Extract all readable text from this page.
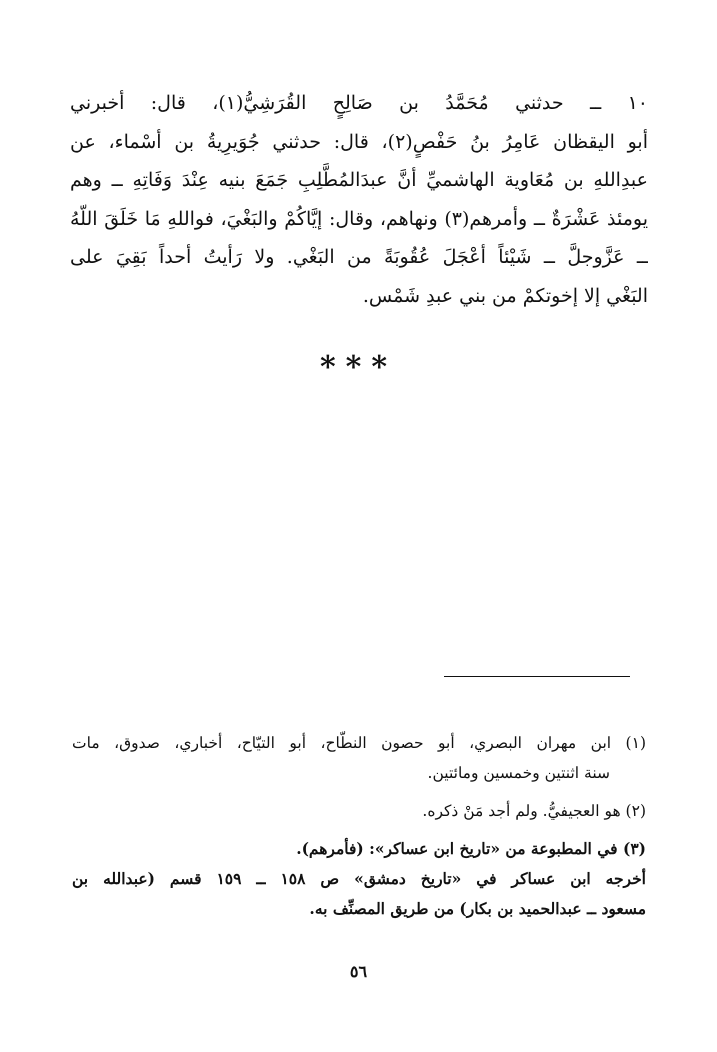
١٠ ــ حدثني مُحَمَّدُ بن صَالِحٍ القُرَشِيُّ(١)، قال: أخبرني
أبو اليقظان عَامِرُ بنُ حَفْصٍ(٢)، قال: حدثني جُوَيرِيةُ بن أسْماء، عن
عبدِاللهِ بن مُعَاوية الهاشميِّ أنَّ عبدَالمُطَّلِبِ جَمَعَ بنيه عِنْدَ وَفَاتِهِ ــ وهم
يومئذ عَشْرَةٌ ــ وأمرهم(٣) ونهاهم، وقال: إيَّاكُمْ والبَغْيَ، فواللهِ مَا خَلَقَ اللّهُ
ــ عَزَّوجلَّ ــ شَيْئاً أعْجَلَ عُقُوبَةً من البَغْي. ولا رَأيتُ أحداً بَقِيَ على
البَغْي إلا إخوتكمْ من بني عبدِ شَمْس.
***
(١) ابن مهران البصري، أبو حصون النطّاح، أبو التيّاح، أخباري، صدوق، مات
سنة اثنتين وخمسين ومائتين.
(٢) هو العجيفيُّ. ولم أجد مَنْ ذكره.
(٣) في المطبوعة من «تاريخ ابن عساكر»: (فأمرهم).
أخرجه ابن عساكر في «تاريخ دمشق» ص ١٥٨ ــ ١٥٩ قسم (عبدالله بن
مسعود ــ عبدالحميد بن بكار) من طريق المصنِّف به.
٥٦
